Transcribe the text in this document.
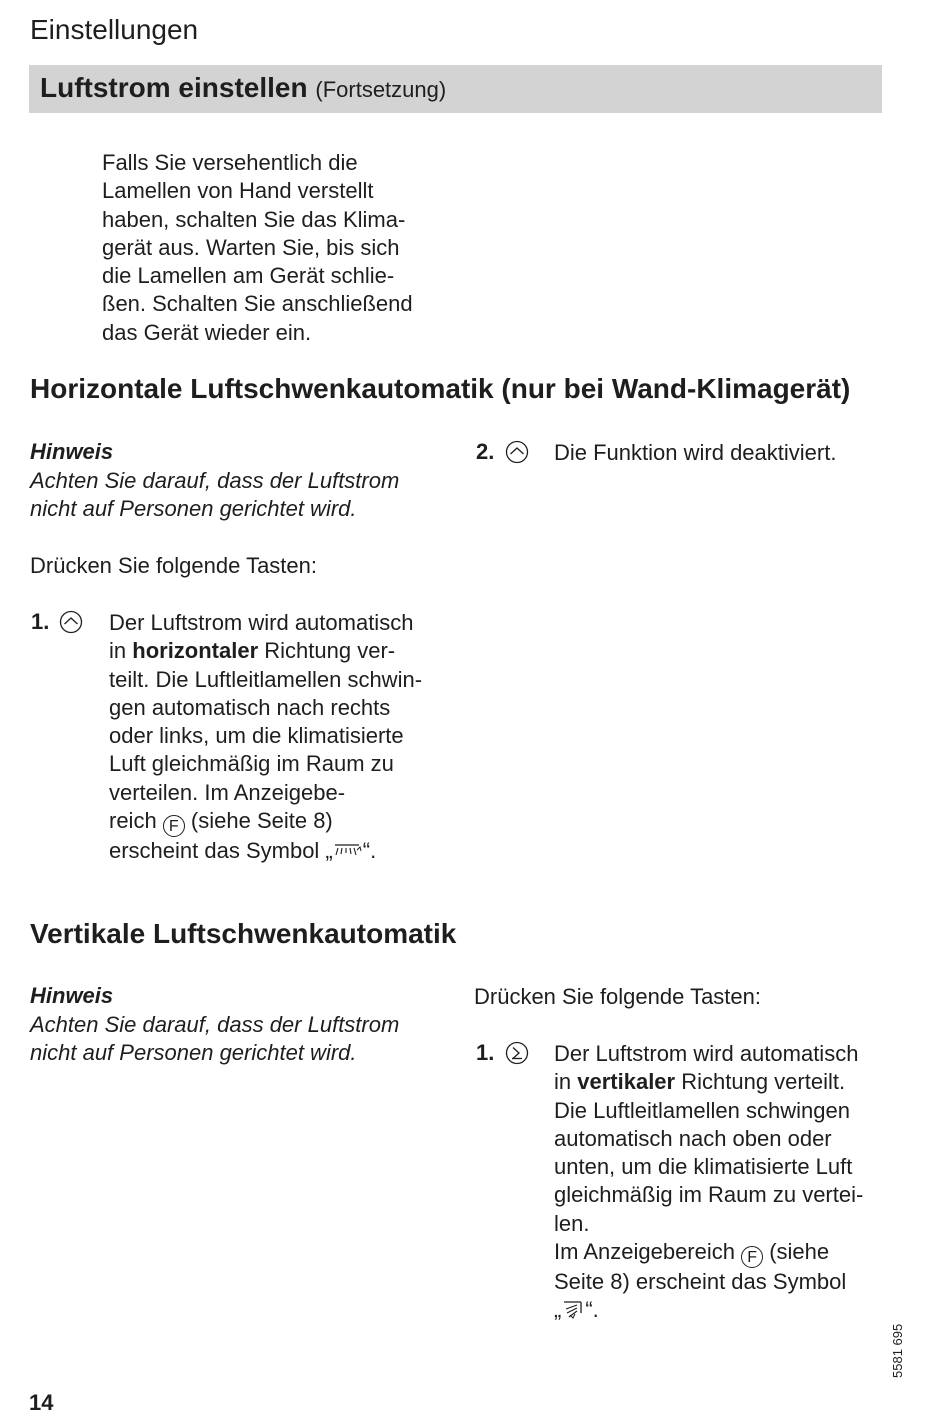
Einstellungen
Luftstrom einstellen (Fortsetzung)
Falls Sie versehentlich die
Lamellen von Hand verstellt
haben, schalten Sie das Klima-
gerät aus. Warten Sie, bis sich
die Lamellen am Gerät schlie-
ßen. Schalten Sie anschließend
das Gerät wieder ein.
Horizontale Luftschwenkautomatik (nur bei Wand-Klimagerät)
Hinweis
Achten Sie darauf, dass der Luftstrom
nicht auf Personen gerichtet wird.
Drücken Sie folgende Tasten:
1.	Der Luftstrom wird automatisch
in horizontaler Richtung ver-
teilt. Die Luftleitlamellen schwin-
gen automatisch nach rechts
oder links, um die klimatisierte
Luft gleichmäßig im Raum zu
verteilen. Im Anzeigebe-
reich F (siehe Seite 8)
erscheint das Symbol „ “.
2.	Die Funktion wird deaktiviert.
Vertikale Luftschwenkautomatik
Hinweis
Achten Sie darauf, dass der Luftstrom
nicht auf Personen gerichtet wird.
Drücken Sie folgende Tasten:
1.	Der Luftstrom wird automatisch
in vertikaler Richtung verteilt.
Die Luftleitlamellen schwingen
automatisch nach oben oder
unten, um die klimatisierte Luft
gleichmäßig im Raum zu vertei-
len.
Im Anzeigebereich F (siehe
Seite 8) erscheint das Symbol
„ “.
5581 695
14
